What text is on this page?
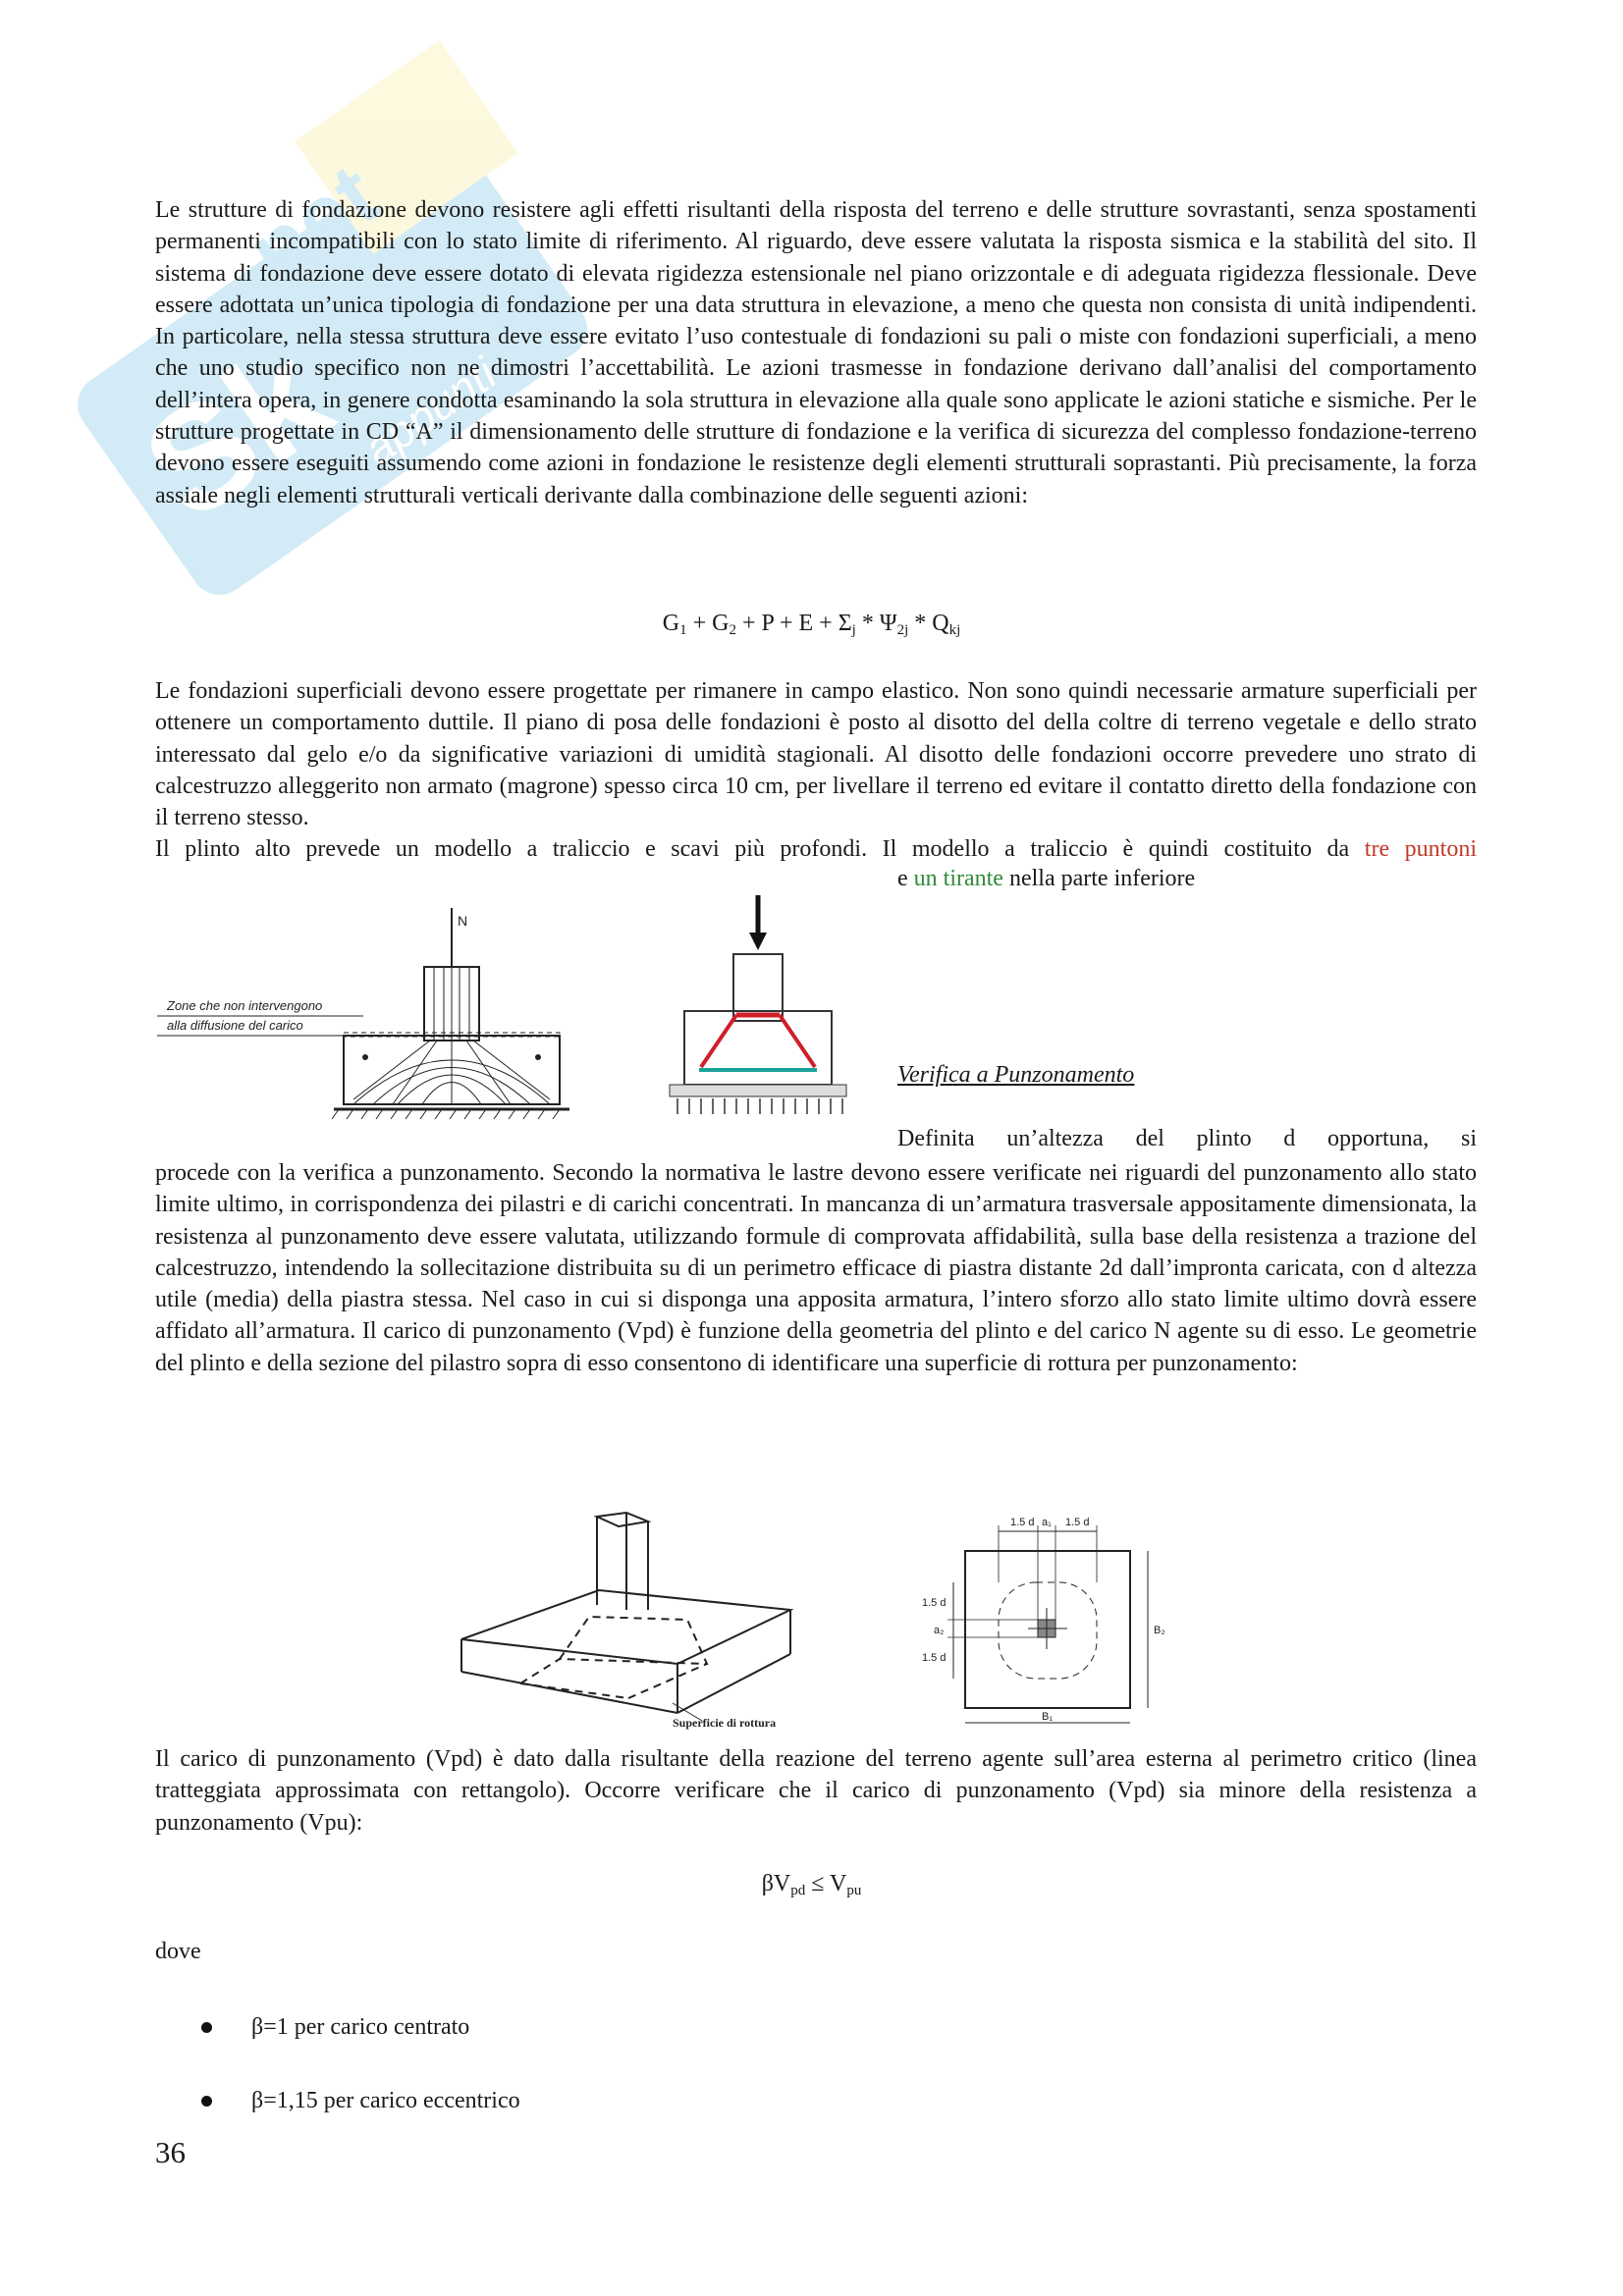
Sk
net
appunti

Le strutture di fondazione devono resistere agli effetti risultanti della risposta del terreno e delle strutture sovrastanti, senza spostamenti permanenti incompatibili con lo stato limite di riferimento. Al riguardo, deve essere valutata la risposta sismica e la stabilità del sito. Il sistema di fondazione deve essere dotato di elevata rigidezza estensionale nel piano orizzontale e di adeguata rigidezza flessionale. Deve essere adottata un’unica tipologia di fondazione per una data struttura in elevazione, a meno che questa non consista di unità indipendenti. In particolare, nella stessa struttura deve essere evitato l’uso contestuale di fondazioni su pali o miste con fondazioni superficiali, a meno che uno studio specifico non ne dimostri l’accettabilità. Le azioni trasmesse in fondazione derivano dall’analisi del comportamento dell’intera opera, in genere condotta esaminando la sola struttura in elevazione alla quale sono applicate le azioni statiche e sismiche. Per le strutture progettate in CD “A” il dimensionamento delle strutture di fondazione e la verifica di sicurezza del complesso fondazione-terreno devono essere eseguiti assumendo come azioni in fondazione le resistenze degli elementi strutturali soprastanti. Più precisamente, la forza assiale negli elementi strutturali verticali derivante dalla combinazione delle seguenti azioni:

$G_1 + G_2 + P + E + \Sigma_j * \Psi_{2j} * Q_{kj}$

Le fondazioni superficiali devono essere progettate per rimanere in campo elastico. Non sono quindi necessarie armature superficiali per ottenere un comportamento duttile. Il piano di posa delle fondazioni è posto al disotto del della coltre di terreno vegetale e dello strato interessato dal gelo e/o da significative variazioni di umidità stagionali. Al disotto delle fondazioni occorre prevedere uno strato di calcestruzzo alleggerito non armato (magrone) spesso circa 10 cm, per livellare il terreno ed evitare il contatto diretto della fondazione con il terreno stesso.

Il plinto alto prevede un modello a traliccio e scavi più profondi. Il modello a traliccio è quindi costituito da tre puntoni

e un tirante nella parte inferiore
N
Zone che non intervengono
alla diffusione del carico
Verifica a Punzonamento
Definita un’altezza del plinto d opportuna, si

procede con la verifica a punzonamento. Secondo la normativa le lastre devono essere verificate nei riguardi del punzonamento allo stato limite ultimo, in corrispondenza dei pilastri e di carichi concentrati. In mancanza di un’armatura trasversale appositamente dimensionata, la resistenza al punzonamento deve essere valutata, utilizzando formule di comprovata affidabilità, sulla base della resistenza a trazione del calcestruzzo, intendendo la sollecitazione distribuita su di un perimetro efficace di piastra distante 2d dall’impronta caricata, con d altezza utile (media) della piastra stessa. Nel caso in cui si disponga una apposita armatura, l’intero sforzo allo stato limite ultimo dovrà essere affidato all’armatura. Il carico di punzonamento (Vpd) è funzione della geometria del plinto e del carico N agente su di esso. Le geometrie del plinto e della sezione del pilastro sopra di esso consentono di identificare una superficie di rottura per punzonamento:

Superficie di rottura
1.5 d a₁ 1.5 d
1.5 d
a₂
1.5 d
B₂
B₁

Il carico di punzonamento (Vpd) è dato dalla risultante della reazione del terreno agente sull’area esterna al perimetro critico (linea tratteggiata approssimata con rettangolo). Occorre verificare che il carico di punzonamento (Vpd) sia minore della resistenza a punzonamento (Vpu):

$\beta V_{pd} \le V_{pu}$
dove
β=1 per carico centrato
β=1,15 per carico eccentrico
36
